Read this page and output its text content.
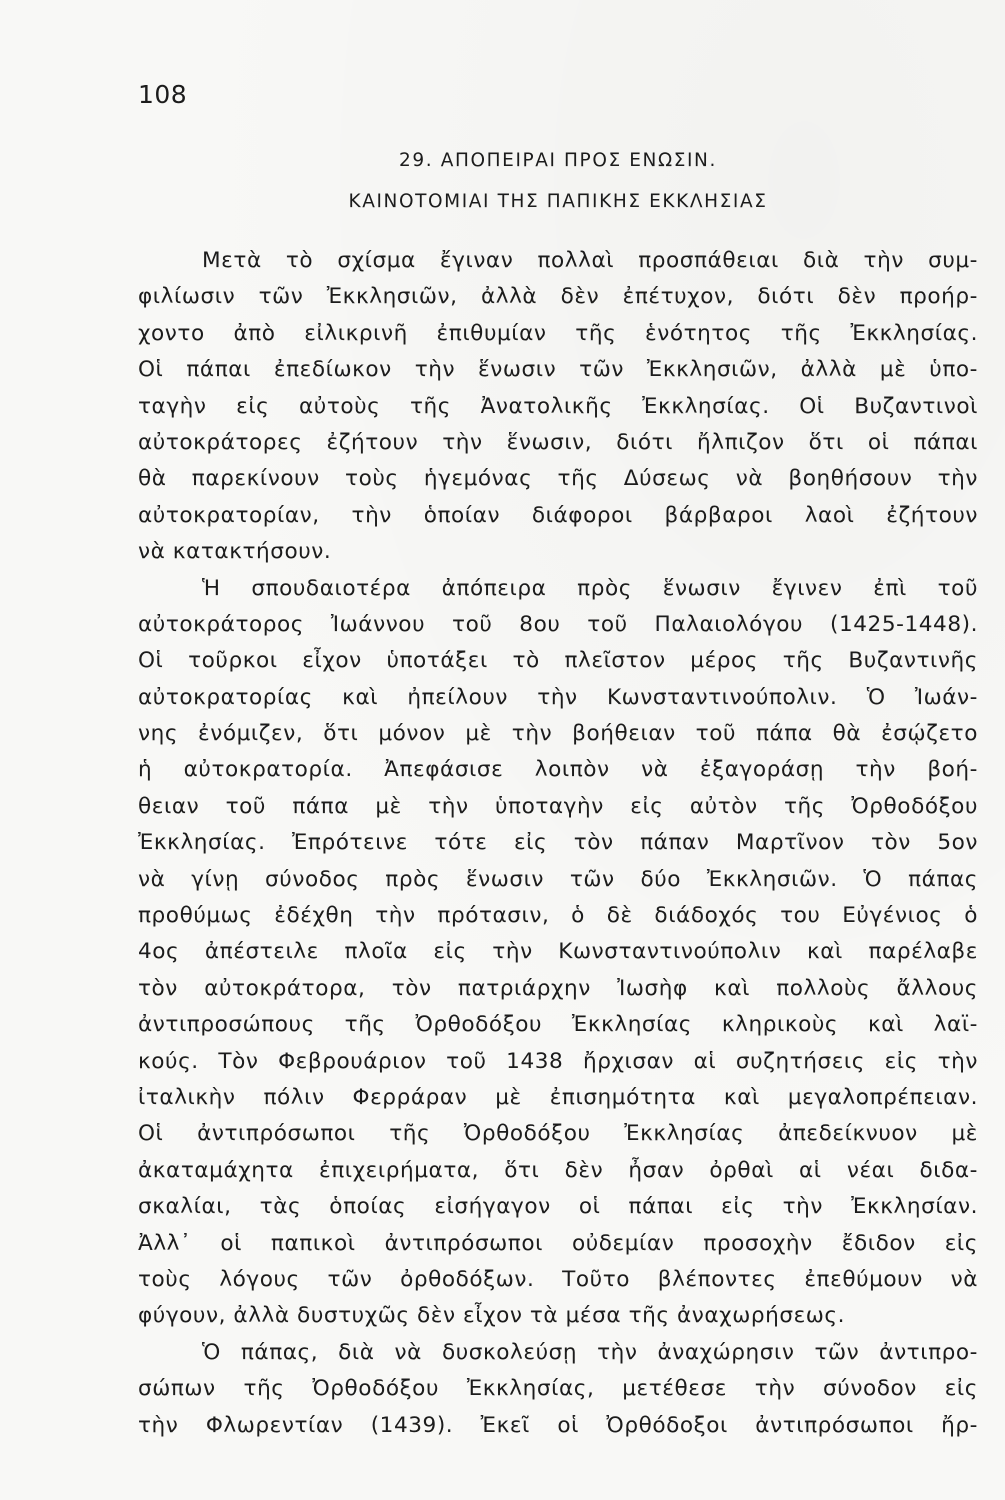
108

29. ΑΠΟΠΕΙΡΑΙ ΠΡΟΣ ΕΝΩΣΙΝ.

ΚΑΙΝΟΤΟΜΙΑΙ ΤΗΣ ΠΑΠΙΚΗΣ ΕΚΚΛΗΣΙΑΣ

Μετὰ τὸ σχίσμα ἔγιναν πολλαὶ προσπάθειαι διὰ τὴν συμ-
φιλίωσιν τῶν Ἐκκλησιῶν, ἀλλὰ δὲν ἐπέτυχον, διότι δὲν προήρ-
χοντο ἀπὸ εἰλικρινῆ ἐπιθυμίαν τῆς ἑνότητος τῆς Ἐκκλησίας.
Οἱ πάπαι ἐπεδίωκον τὴν ἕνωσιν τῶν Ἐκκλησιῶν, ἀλλὰ μὲ ὑπο-
ταγὴν εἰς αὐτοὺς τῆς Ἀνατολικῆς Ἐκκλησίας. Οἱ Βυζαντινοὶ
αὐτοκράτορες ἐζήτουν τὴν ἕνωσιν, διότι ἤλπιζον ὅτι οἱ πάπαι
θὰ παρεκίνουν τοὺς ἡγεμόνας τῆς Δύσεως νὰ βοηθήσουν τὴν
αὐτοκρατορίαν, τὴν ὁποίαν διάφοροι βάρβαροι λαοὶ ἐζήτουν
νὰ κατακτήσουν.
Ἡ σπουδαιοτέρα ἀπόπειρα πρὸς ἕνωσιν ἔγινεν ἐπὶ τοῦ
αὐτοκράτορος Ἰωάννου τοῦ 8ου τοῦ Παλαιολόγου (1425-1448).
Οἱ τοῦρκοι εἶχον ὑποτάξει τὸ πλεῖστον μέρος τῆς Βυζαντινῆς
αὐτοκρατορίας καὶ ἠπείλουν τὴν Κωνσταντινούπολιν. Ὁ Ἰωάν-
νης ἐνόμιζεν, ὅτι μόνον μὲ τὴν βοήθειαν τοῦ πάπα θὰ ἐσῴζετο
ἡ αὐτοκρατορία. Ἀπεφάσισε λοιπὸν νὰ ἐξαγοράσῃ τὴν βοή-
θειαν τοῦ πάπα μὲ τὴν ὑποταγὴν εἰς αὐτὸν τῆς Ὀρθοδόξου
Ἐκκλησίας. Ἐπρότεινε τότε εἰς τὸν πάπαν Μαρτῖνον τὸν 5ον
νὰ γίνῃ σύνοδος πρὸς ἕνωσιν τῶν δύο Ἐκκλησιῶν. Ὁ πάπας
προθύμως ἐδέχθη τὴν πρότασιν, ὁ δὲ διάδοχός του Εὐγένιος ὁ
4ος ἀπέστειλε πλοῖα εἰς τὴν Κωνσταντινούπολιν καὶ παρέλαβε
τὸν αὐτοκράτορα, τὸν πατριάρχην Ἰωσὴφ καὶ πολλοὺς ἄλλους
ἀντιπροσώπους τῆς Ὀρθοδόξου Ἐκκλησίας κληρικοὺς καὶ λαϊ-
κούς. Τὸν Φεβρουάριον τοῦ 1438 ἤρχισαν αἱ συζητήσεις εἰς τὴν
ἰταλικὴν πόλιν Φερράραν μὲ ἐπισημότητα καὶ μεγαλοπρέπειαν.
Οἱ ἀντιπρόσωποι τῆς Ὀρθοδόξου Ἐκκλησίας ἀπεδείκνυον μὲ
ἀκαταμάχητα ἐπιχειρήματα, ὅτι δὲν ἦσαν ὀρθαὶ αἱ νέαι διδα-
σκαλίαι, τὰς ὁποίας εἰσήγαγον οἱ πάπαι εἰς τὴν Ἐκκλησίαν.
Ἀλλ᾽ οἱ παπικοὶ ἀντιπρόσωποι οὐδεμίαν προσοχὴν ἔδιδον εἰς
τοὺς λόγους τῶν ὀρθοδόξων. Τοῦτο βλέποντες ἐπεθύμουν νὰ
φύγουν, ἀλλὰ δυστυχῶς δὲν εἶχον τὰ μέσα τῆς ἀναχωρήσεως.
Ὁ πάπας, διὰ νὰ δυσκολεύσῃ τὴν ἀναχώρησιν τῶν ἀντιπρο-
σώπων τῆς Ὀρθοδόξου Ἐκκλησίας, μετέθεσε τὴν σύνοδον εἰς
τὴν Φλωρεντίαν (1439). Ἐκεῖ οἱ Ὀρθόδοξοι ἀντιπρόσωποι ἤρ-
